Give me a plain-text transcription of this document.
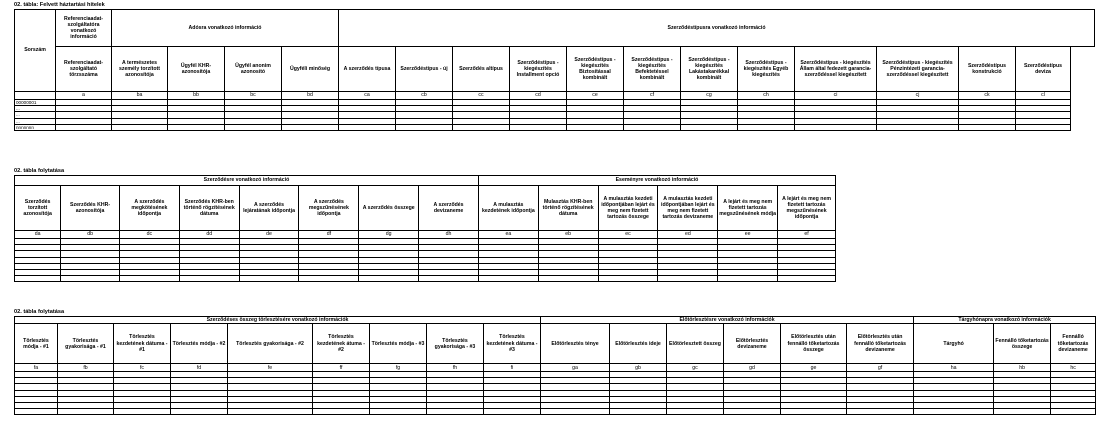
02. tábla: Felvett háztartási hitelek
Sorszám	Referenciaadat-szolgáltatóra vonatkozó információ	Adósra vonatkozó információ				Szerződéstípusra vonatkozó információ											
	Referenciaadat-szolgáltató törzsszáma	A természetes személy torzított azonosítója	Ügyfél KHR-azonosítója	Ügyfél anonim azonosító	Ügyféli minőség	A szerződés típusa	Szerződéstípus - új	Szerződés altípus	Szerződéstípus - kiegészítés Installment opció	Szerződéstípus - kiegészítés Biztosítással kombinált	Szerződéstípus - kiegészítés Befektetéssel kombinált	Szerződéstípus - kiegészítés Lakástakarékkal kombinált	Szerződéstípus - kiegészítés Egyéb kiegészítés	Szerződéstípus - kiegészítés Állam által fedezett garancia-szerződéssel kiegészített	Szerződéstípus - kiegészítés Pénzintézeti garancia-szerződéssel kiegészített	Szerződéstípus konstrukció	Szerződéstípus deviza
	a	ba	bb	bc	bd	ca	cb	cc	cd	ce	cf	cg	ch	ci	cj	ck	cl
00000001																	
...																	
...																	
...																	
nnnnnnn																	
02. tábla folytatása
Szerződésre vonatkozó információ								Eseményre vonatkozó információ					
Szerződés torzított azonosítója	Szerződés KHR-azonosítója	A szerződés megkötésének időpontja	Szerződés KHR-ben történő rögzítésének dátuma	A szerződés lejáratának időpontja	A szerződés megszűnésének időpontja	A szerződés összege	A szerződés devizaneme	A mulasztás kezdetének időpontja	Mulasztás KHR-ben történő rögzítésének dátuma	A mulasztás kezdeti időpontjában lejárt és meg nem fizetett tartozás összege	A mulasztás kezdeti időpontjában lejárt és meg nem fizetett tartozás devizaneme	A lejárt és meg nem fizetett tartozás megszűnésének módja	A lejárt és meg nem fizetett tartozás megszűnésének időpontja
da	db	dc	dd	de	df	dg	dh	ea	eb	ec	ed	ee	ef

02. tábla folytatása
Szerződéses összeg törlesztésére vonatkozó információk									Előtörlesztésre vonatkozó információk						Tárgyhónapra vonatkozó információk		
Törlesztés módja - #1	Törlesztés gyakorisága - #1	Törlesztés kezdetének dátuma - #1	Törlesztés módja - #2	Törlesztés gyakorisága - #2	Törlesztés kezdetének átuma - #2	Törlesztés módja - #3	Törlesztés gyakorisága - #3	Törlesztés kezdetének dátuma - #3	Előtörlesztés ténye	Előtörlesztés ideje	Előtörlesztett összeg	Előtörlesztés devizaneme	Előtörlesztés után fennálló tőketartozás összege	Előtörlesztés után fennálló tőketartozás devizaneme	Tárgyhó	Fennálló tőketartozás összege	Fennálló tőketartozás devizaneme
fa	fb	fc	fd	fe	ff	fg	fh	fi	ga	gb	gc	gd	ge	gf	ha	hb	hc
